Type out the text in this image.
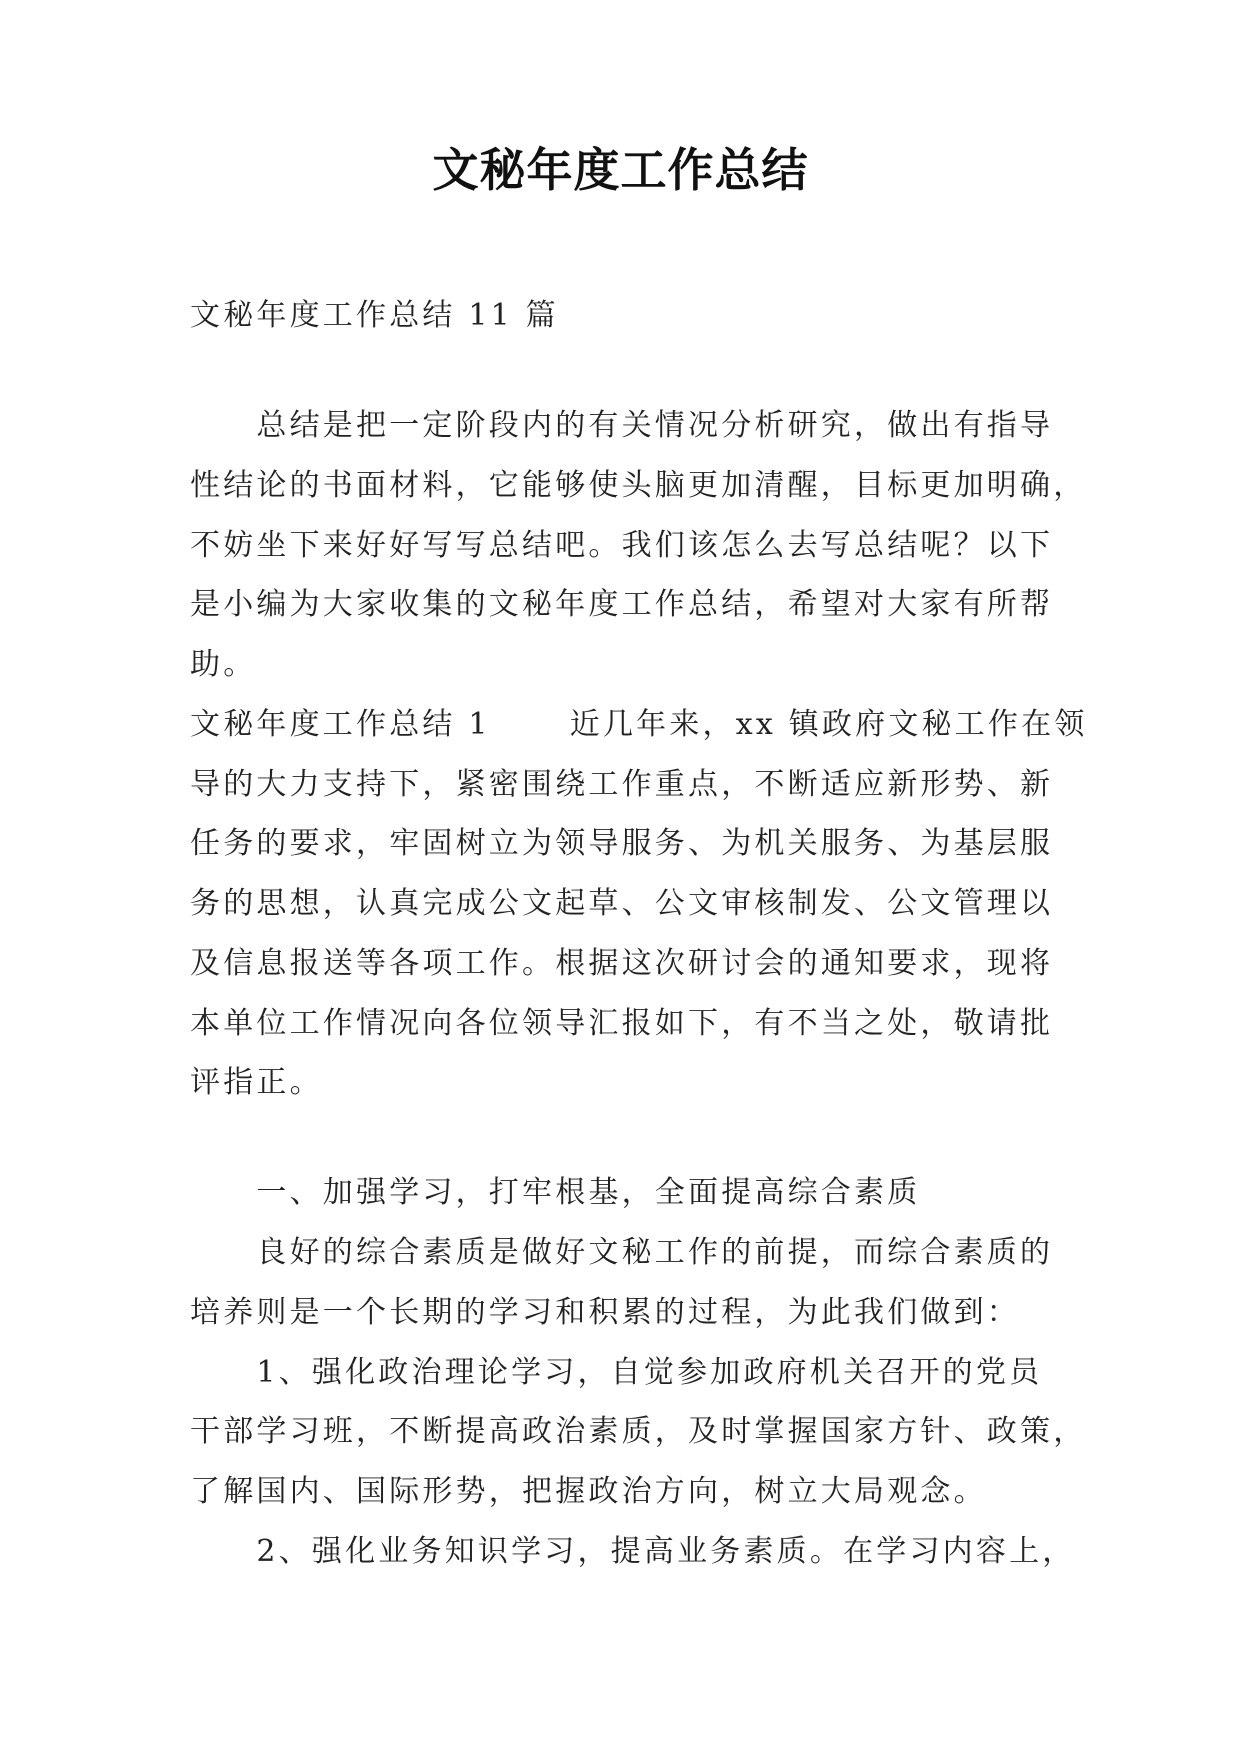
文秘年度工作总结
文秘年度工作总结 11 篇
　　总结是把一定阶段内的有关情况分析研究，做出有指导
性结论的书面材料，它能够使头脑更加清醒，目标更加明确，
不妨坐下来好好写写总结吧。我们该怎么去写总结呢？以下
是小编为大家收集的文秘年度工作总结，希望对大家有所帮
助。
文秘年度工作总结 1　　 近几年来，xx 镇政府文秘工作在领
导的大力支持下，紧密围绕工作重点，不断适应新形势、新
任务的要求，牢固树立为领导服务、为机关服务、为基层服
务的思想，认真完成公文起草、公文审核制发、公文管理以
及信息报送等各项工作。根据这次研讨会的通知要求，现将
本单位工作情况向各位领导汇报如下，有不当之处，敬请批
评指正。
　　一、加强学习，打牢根基，全面提高综合素质
　　良好的综合素质是做好文秘工作的前提，而综合素质的
培养则是一个长期的学习和积累的过程，为此我们做到：
　　1、强化政治理论学习，自觉参加政府机关召开的党员
干部学习班，不断提高政治素质，及时掌握国家方针、政策，
了解国内、国际形势，把握政治方向，树立大局观念。
　　2、强化业务知识学习，提高业务素质。在学习内容上，
